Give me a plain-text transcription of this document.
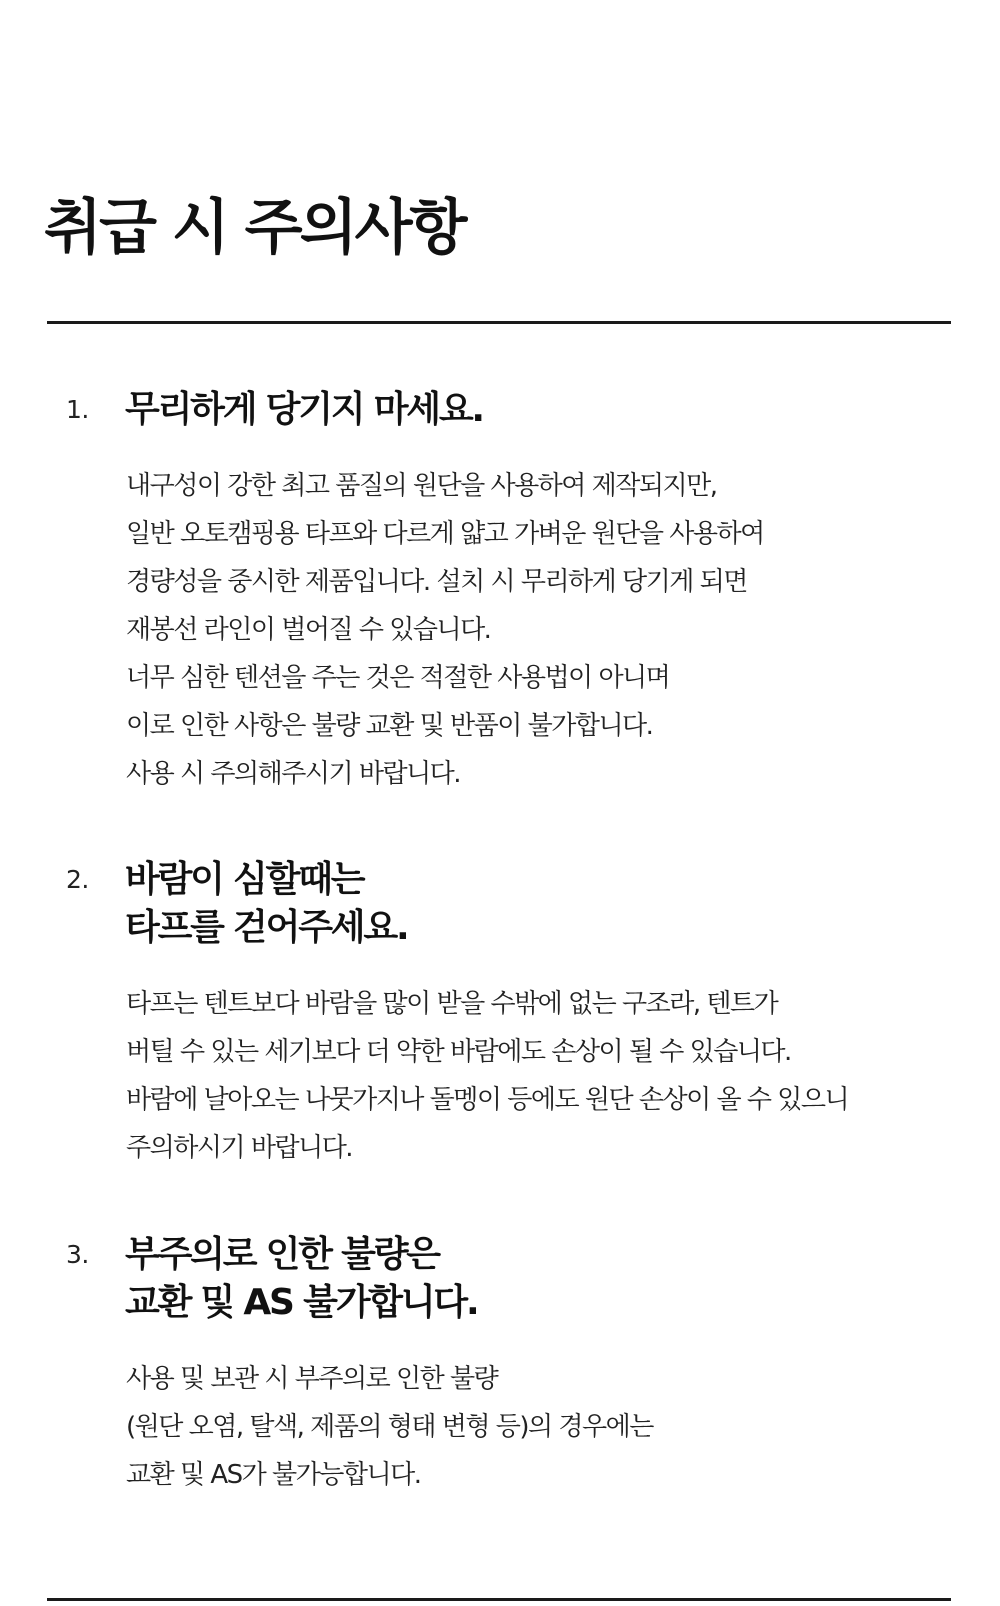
취급 시 주의사항
1. 무리하게 당기지 마세요.
내구성이 강한 최고 품질의 원단을 사용하여 제작되지만,
일반 오토캠핑용 타프와 다르게 얇고 가벼운 원단을 사용하여
경량성을 중시한 제품입니다. 설치 시 무리하게 당기게 되면
재봉선 라인이 벌어질 수 있습니다.
너무 심한 텐션을 주는 것은 적절한 사용법이 아니며
이로 인한 사항은 불량 교환 및 반품이 불가합니다.
사용 시 주의해주시기 바랍니다.
2. 바람이 심할때는
타프를 걷어주세요.
타프는 텐트보다 바람을 많이 받을 수밖에 없는 구조라, 텐트가
버틸 수 있는 세기보다 더 약한 바람에도 손상이 될 수 있습니다.
바람에 날아오는 나뭇가지나 돌멩이 등에도 원단 손상이 올 수 있으니
주의하시기 바랍니다.
3. 부주의로 인한 불량은
교환 및 AS 불가합니다.
사용 및 보관 시 부주의로 인한 불량
(원단 오염, 탈색, 제품의 형태 변형 등)의 경우에는
교환 및 AS가 불가능합니다.
